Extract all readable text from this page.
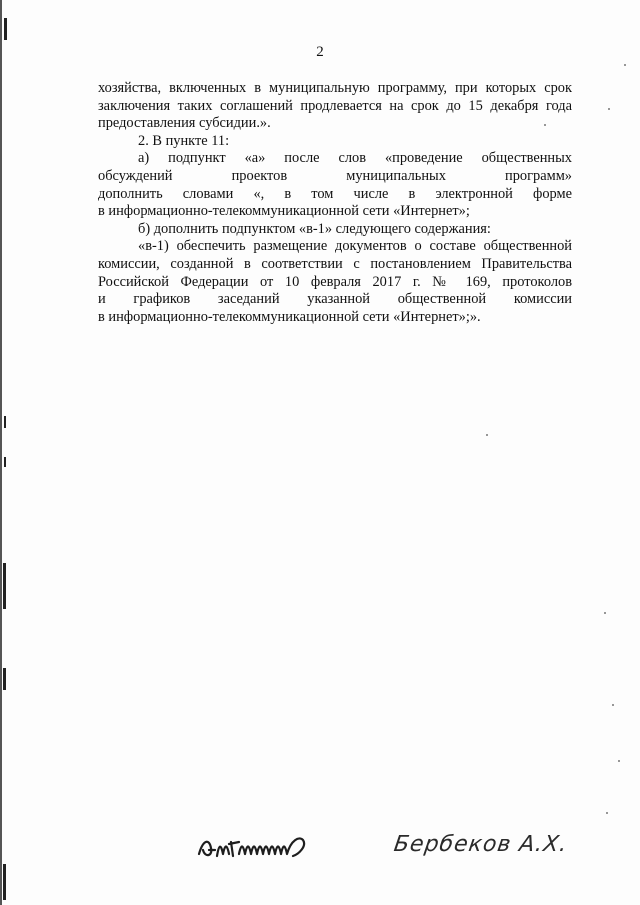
2
хозяйства, включенных в муниципальную программу, при которых срок
заключения таких соглашений продлевается на срок до 15 декабря года
предоставления субсидии.».
2. В пункте 11:
а) подпункт «а» после слов «проведение общественных
обсуждений проектов муниципальных программ»
дополнить словами «, в том числе в электронной форме
в информационно-телекоммуникационной сети «Интернет»;
б) дополнить подпунктом «в-1» следующего содержания:
«в-1) обеспечить размещение документов о составе общественной
комиссии, созданной в соответствии с постановлением Правительства
Российской Федерации от 10 февраля 2017 г. № 169, протоколов
и графиков заседаний указанной общественной комиссии
в информационно-телекоммуникационной сети «Интернет»;».
Бербеков А.Х.
